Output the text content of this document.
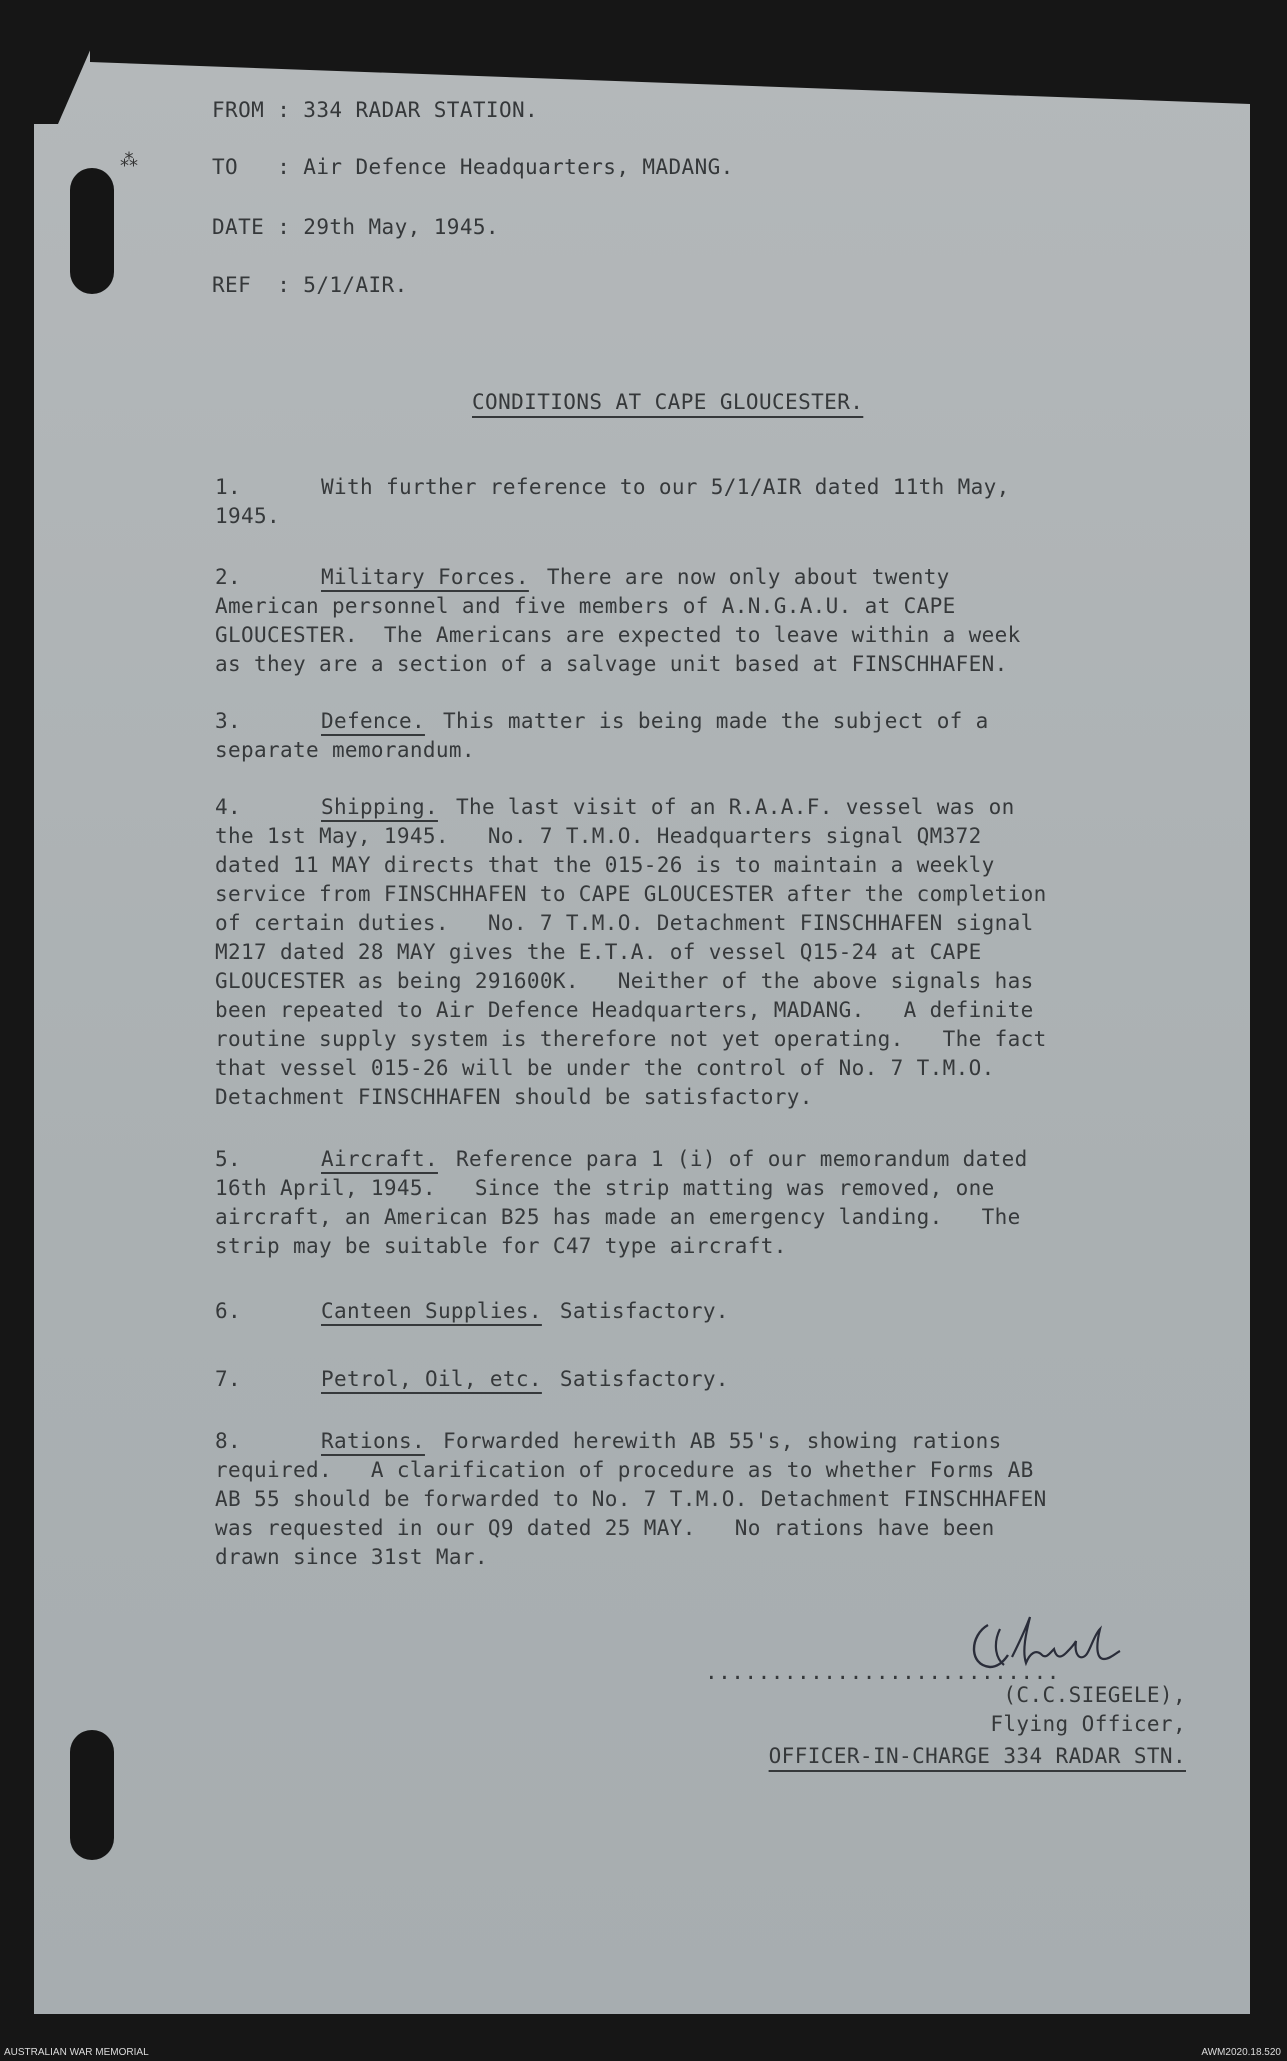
⁂
FROM : 334 RADAR STATION.
TO   : Air Defence Headquarters, MADANG.
DATE : 29th May, 1945.
REF  : 5/1/AIR.
CONDITIONS AT CAPE GLOUCESTER.
1.	With further reference to our 5/1/AIR dated 11th May,
1945.
2.	Military Forces. There are now only about twenty
American personnel and five members of A.N.G.A.U. at CAPE
GLOUCESTER.  The Americans are expected to leave within a week
as they are a section of a salvage unit based at FINSCHHAFEN.
3.	Defence. This matter is being made the subject of a
separate memorandum.
4.	Shipping. The last visit of an R.A.A.F. vessel was on
the 1st May, 1945.   No. 7 T.M.O. Headquarters signal QM372
dated 11 MAY directs that the 015-26 is to maintain a weekly
service from FINSCHHAFEN to CAPE GLOUCESTER after the completion
of certain duties.   No. 7 T.M.O. Detachment FINSCHHAFEN signal
M217 dated 28 MAY gives the E.T.A. of vessel Q15-24 at CAPE
GLOUCESTER as being 291600K.   Neither of the above signals has
been repeated to Air Defence Headquarters, MADANG.   A definite
routine supply system is therefore not yet operating.   The fact
that vessel 015-26 will be under the control of No. 7 T.M.O.
Detachment FINSCHHAFEN should be satisfactory.
5.	Aircraft. Reference para 1 (i) of our memorandum dated
16th April, 1945.   Since the strip matting was removed, one
aircraft, an American B25 has made an emergency landing.   The
strip may be suitable for C47 type aircraft.
6.	Canteen Supplies. Satisfactory.
7.	Petrol, Oil, etc. Satisfactory.
8.	Rations. Forwarded herewith AB 55's, showing rations
required.   A clarification of procedure as to whether Forms AB
AB 55 should be forwarded to No. 7 T.M.O. Detachment FINSCHHAFEN
was requested in our Q9 dated 25 MAY.   No rations have been
drawn since 31st Mar.
...........................
(C.C.SIEGELE),
Flying Officer,
OFFICER-IN-CHARGE 334 RADAR STN.
AUSTRALIAN WAR MEMORIAL	AWM2020.18.520
